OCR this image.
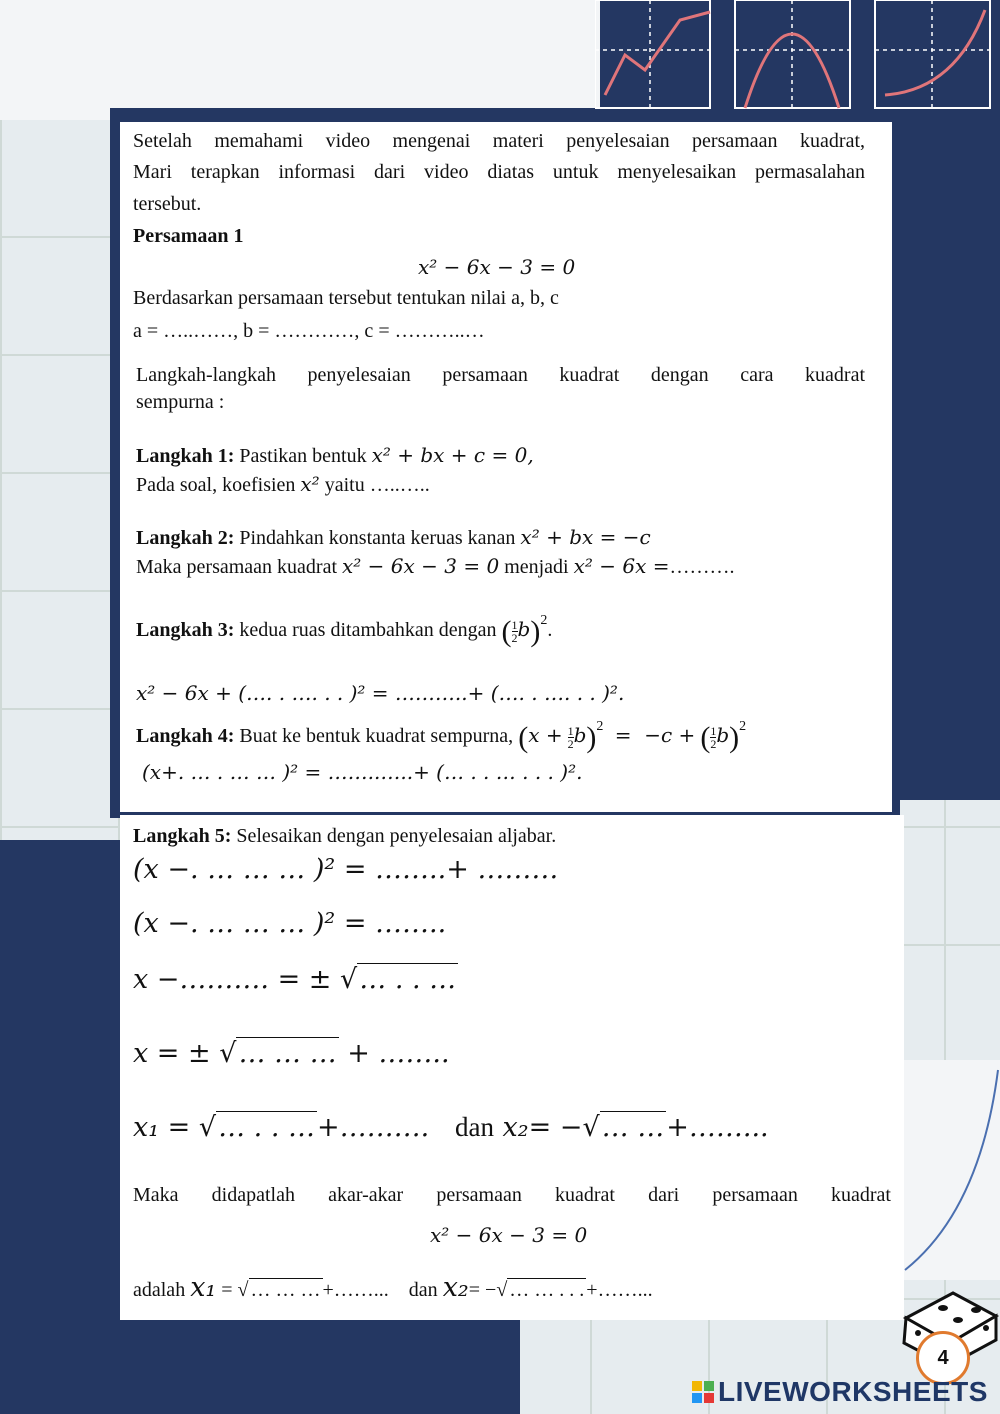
Setelah memahami video mengenai materi penyelesaian persamaan kuadrat,
Mari terapkan informasi dari video diatas untuk menyelesaikan permasalahan
tersebut.
Persamaan 1
x² − 6x − 3 = 0
Berdasarkan persamaan tersebut tentukan nilai a, b, c
a = …..……, b = …………, c = ………..…
Langkah-langkah penyelesaian persamaan kuadrat dengan cara kuadrat
sempurna :
Langkah 1: Pastikan bentuk x² + bx + c = 0,
Pada soal, koefisien x² yaitu …..…..
Langkah 2: Pindahkan konstanta keruas kanan x² + bx = −c
Maka persamaan kuadrat x² − 6x − 3 = 0 menjadi x² − 6x =……….
Langkah 3: kedua ruas ditambahkan dengan ( $\frac{1}{2} b)^2$.
x² − 6x + (…. . …. . . )² = ………..+ (…. . …. . . )².
Langkah 4: Buat ke bentuk kuadrat sempurna, $(x + \frac{1}{2} b)^2 = -c$ + ( $\frac{1}{2} b)^2$
(x+. … . … … )² = ……..…..+ (… . . … . . . )².
Langkah 5: Selesaikan dengan penyelesaian aljabar.
(x −. … … … )² = ……..+ ………
(x −. … … … )² = ……..
x −………. = ± √… . . …
x = ± √… … … + ……..
x₁ = √… . . …+………. dan x₂= −√… …+……...
Maka didapatlah akar-akar persamaan kuadrat dari persamaan kuadrat
x² − 6x − 3 = 0
adalah x₁ = √ … … … +……... dan x₂= −√ … … . . . +……...
4
LIVEWORKSHEETS
